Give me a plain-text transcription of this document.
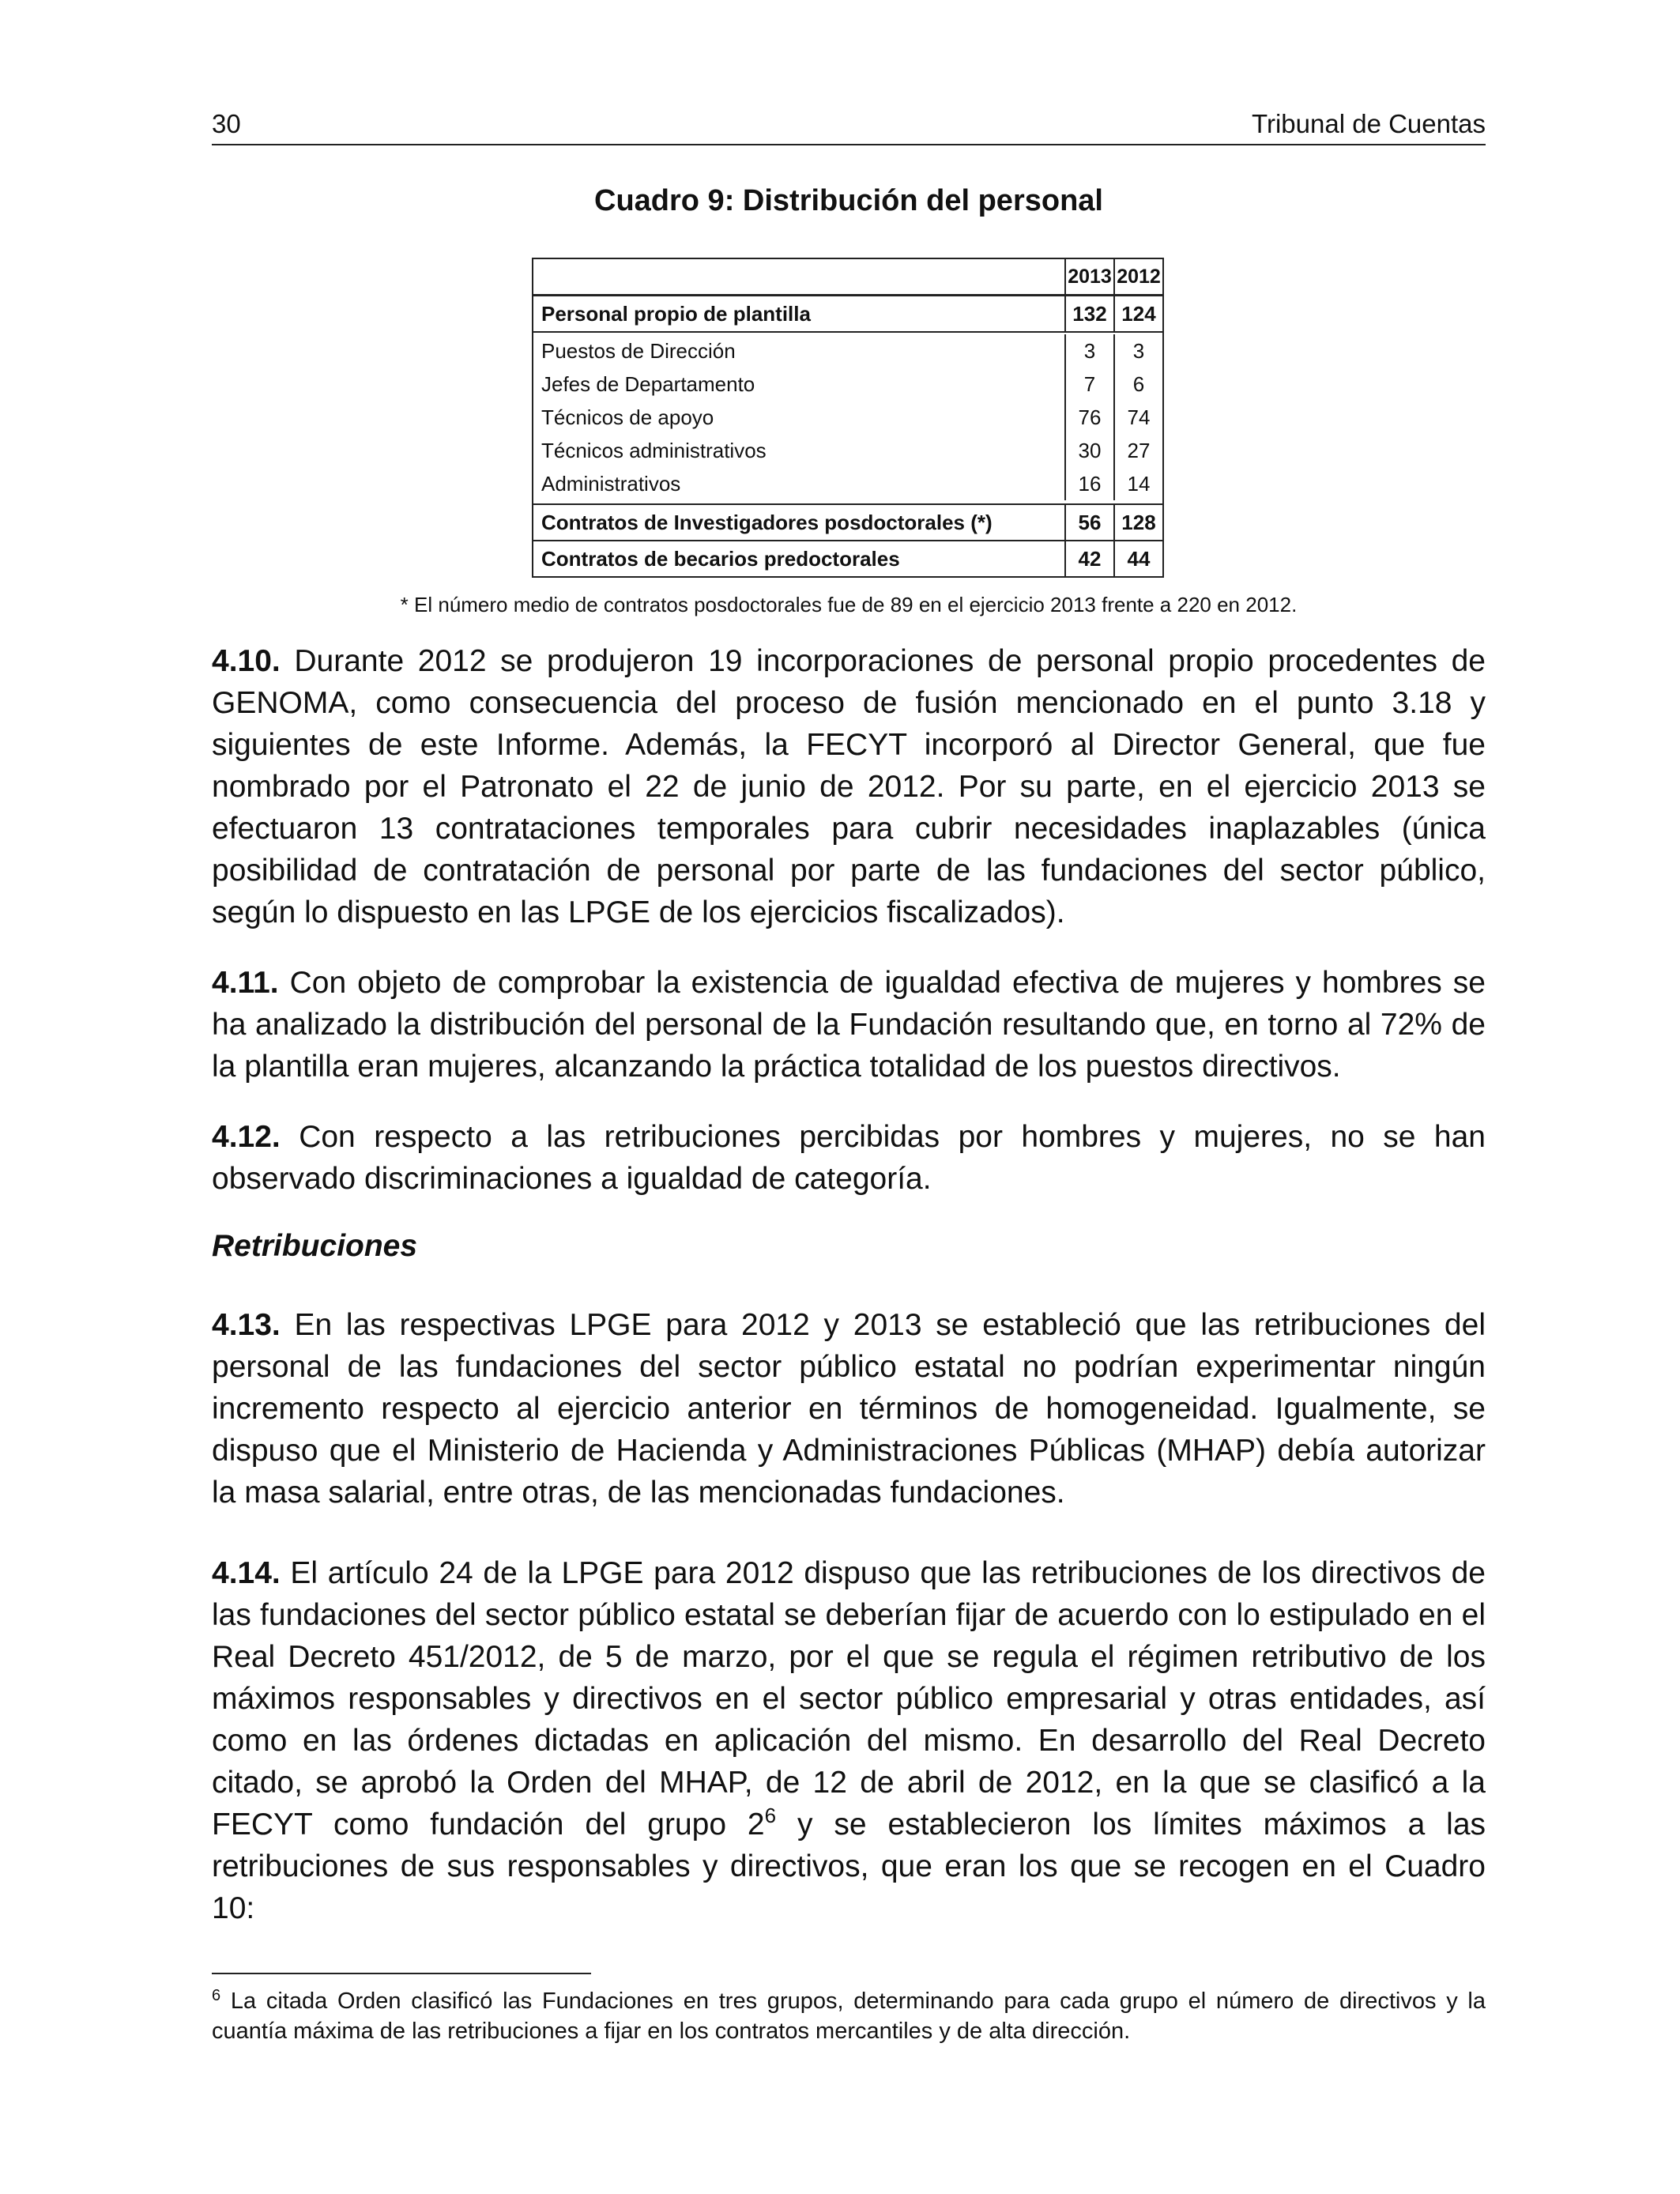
30	Tribunal de Cuentas
Cuadro 9: Distribución del personal
2013 2012
Personal propio de plantilla	132 124
Puestos de Dirección	3	3
Jefes de Departamento	7	6
Técnicos de apoyo	76	74
Técnicos administrativos	30	27
Administrativos	16	14
Contratos de Investigadores posdoctorales (*)	56 128
Contratos de becarios predoctorales	42	44
* El número medio de contratos posdoctorales fue de 89 en el ejercicio 2013 frente a 220 en 2012.

4.10. Durante 2012 se produjeron 19 incorporaciones de personal propio procedentes de GENOMA, como consecuencia del proceso de fusión mencionado en el punto 3.18 y siguientes de este Informe. Además, la FECYT incorporó al Director General, que fue nombrado por el Patronato el 22 de junio de 2012. Por su parte, en el ejercicio 2013 se efectuaron 13 contrataciones temporales para cubrir necesidades inaplazables (única posibilidad de contratación de personal por parte de las fundaciones del sector público, según lo dispuesto en las LPGE de los ejercicios fiscalizados).

4.11. Con objeto de comprobar la existencia de igualdad efectiva de mujeres y hombres se ha analizado la distribución del personal de la Fundación resultando que, en torno al 72% de la plantilla eran mujeres, alcanzando la práctica totalidad de los puestos directivos.

4.12. Con respecto a las retribuciones percibidas por hombres y mujeres, no se han observado discriminaciones a igualdad de categoría.

Retribuciones

4.13. En las respectivas LPGE para 2012 y 2013 se estableció que las retribuciones del personal de las fundaciones del sector público estatal no podrían experimentar ningún incremento respecto al ejercicio anterior en términos de homogeneidad. Igualmente, se dispuso que el Ministerio de Hacienda y Administraciones Públicas (MHAP) debía autorizar la masa salarial, entre otras, de las mencionadas fundaciones.

4.14. El artículo 24 de la LPGE para 2012 dispuso que las retribuciones de los directivos de las fundaciones del sector público estatal se deberían fijar de acuerdo con lo estipulado en el Real Decreto 451/2012, de 5 de marzo, por el que se regula el régimen retributivo de los máximos responsables y directivos en el sector público empresarial y otras entidades, así como en las órdenes dictadas en aplicación del mismo. En desarrollo del Real Decreto citado, se aprobó la Orden del MHAP, de 12 de abril de 2012, en la que se clasificó a la FECYT como fundación del grupo $2^6$ y se establecieron los límites máximos a las retribuciones de sus responsables y directivos, que eran los que se recogen en el Cuadro 10:

$^6$ La citada Orden clasificó las Fundaciones en tres grupos, determinando para cada grupo el número de directivos y la cuantía máxima de las retribuciones a fijar en los contratos mercantiles y de alta dirección.
